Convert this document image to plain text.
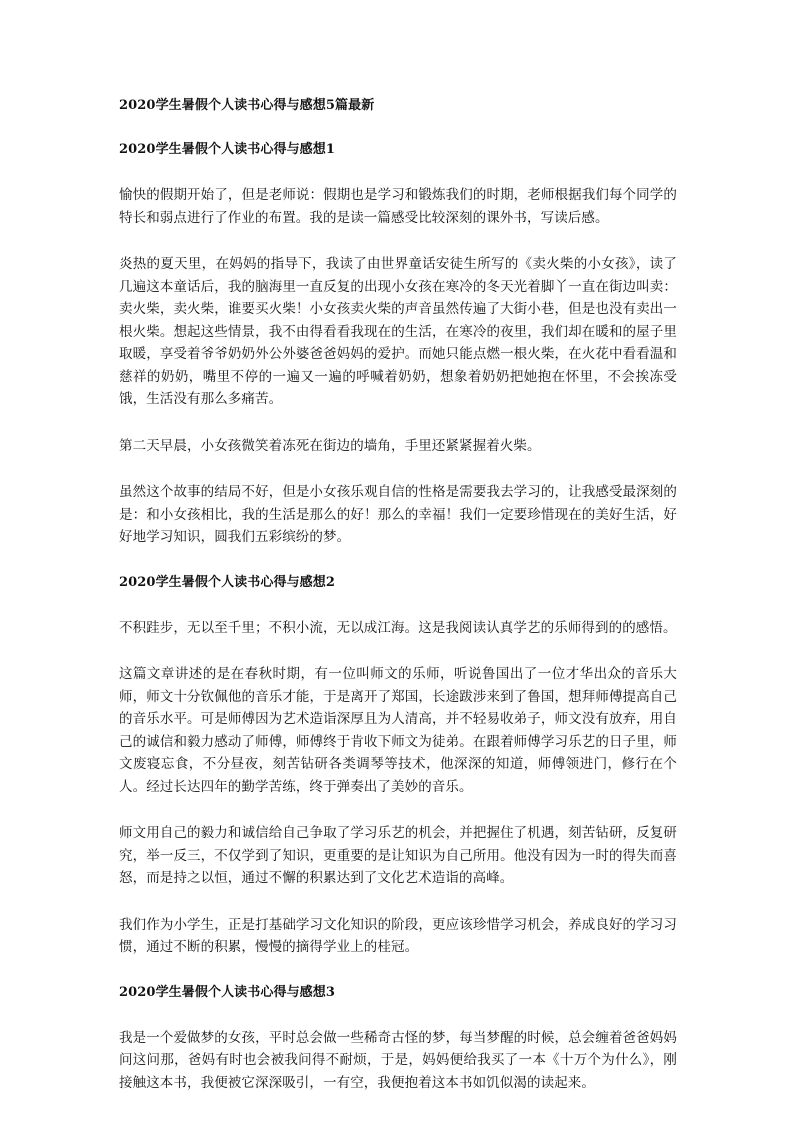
2020学生暑假个人读书心得与感想5篇最新
2020学生暑假个人读书心得与感想1
愉快的假期开始了，但是老师说：假期也是学习和锻炼我们的时期，老师根据我们每个同学的特长和弱点进行了作业的布置。我的是读一篇感受比较深刻的课外书，写读后感。
炎热的夏天里，在妈妈的指导下，我读了由世界童话安徒生所写的《卖火柴的小女孩》，读了几遍这本童话后，我的脑海里一直反复的出现小女孩在寒冷的冬天光着脚丫一直在街边叫卖：卖火柴，卖火柴，谁要买火柴！小女孩卖火柴的声音虽然传遍了大街小巷，但是也没有卖出一根火柴。想起这些情景，我不由得看看我现在的生活，在寒冷的夜里，我们却在暖和的屋子里取暖，享受着爷爷奶奶外公外婆爸爸妈妈的爱护。而她只能点燃一根火柴，在火花中看看温和慈祥的奶奶，嘴里不停的一遍又一遍的呼喊着奶奶，想象着奶奶把她抱在怀里，不会挨冻受饿，生活没有那么多痛苦。
第二天早晨，小女孩微笑着冻死在街边的墙角，手里还紧紧握着火柴。
虽然这个故事的结局不好，但是小女孩乐观自信的性格是需要我去学习的，让我感受最深刻的是：和小女孩相比，我的生活是那么的好！那么的幸福！我们一定要珍惜现在的美好生活，好好地学习知识，圆我们五彩缤纷的梦。
2020学生暑假个人读书心得与感想2
不积跬步，无以至千里；不积小流，无以成江海。这是我阅读认真学艺的乐师得到的的感悟。
这篇文章讲述的是在春秋时期，有一位叫师文的乐师，听说鲁国出了一位才华出众的音乐大师，师文十分钦佩他的音乐才能，于是离开了郑国，长途跋涉来到了鲁国，想拜师傅提高自己的音乐水平。可是师傅因为艺术造诣深厚且为人清高，并不轻易收弟子，师文没有放弃，用自己的诚信和毅力感动了师傅，师傅终于肯收下师文为徒弟。在跟着师傅学习乐艺的日子里，师文废寝忘食，不分昼夜，刻苦钻研各类调琴等技术，他深深的知道，师傅领进门，修行在个人。经过长达四年的勤学苦练，终于弹奏出了美妙的音乐。
师文用自己的毅力和诚信给自己争取了学习乐艺的机会，并把握住了机遇，刻苦钻研，反复研究，举一反三，不仅学到了知识，更重要的是让知识为自己所用。他没有因为一时的得失而喜怒，而是持之以恒，通过不懈的积累达到了文化艺术造诣的高峰。
我们作为小学生，正是打基础学习文化知识的阶段，更应该珍惜学习机会，养成良好的学习习惯，通过不断的积累，慢慢的摘得学业上的桂冠。
2020学生暑假个人读书心得与感想3
我是一个爱做梦的女孩，平时总会做一些稀奇古怪的梦，每当梦醒的时候，总会缠着爸爸妈妈问这问那，爸妈有时也会被我问得不耐烦，于是，妈妈便给我买了一本《十万个为什么》，刚接触这本书，我便被它深深吸引，一有空，我便抱着这本书如饥似渴的读起来。
